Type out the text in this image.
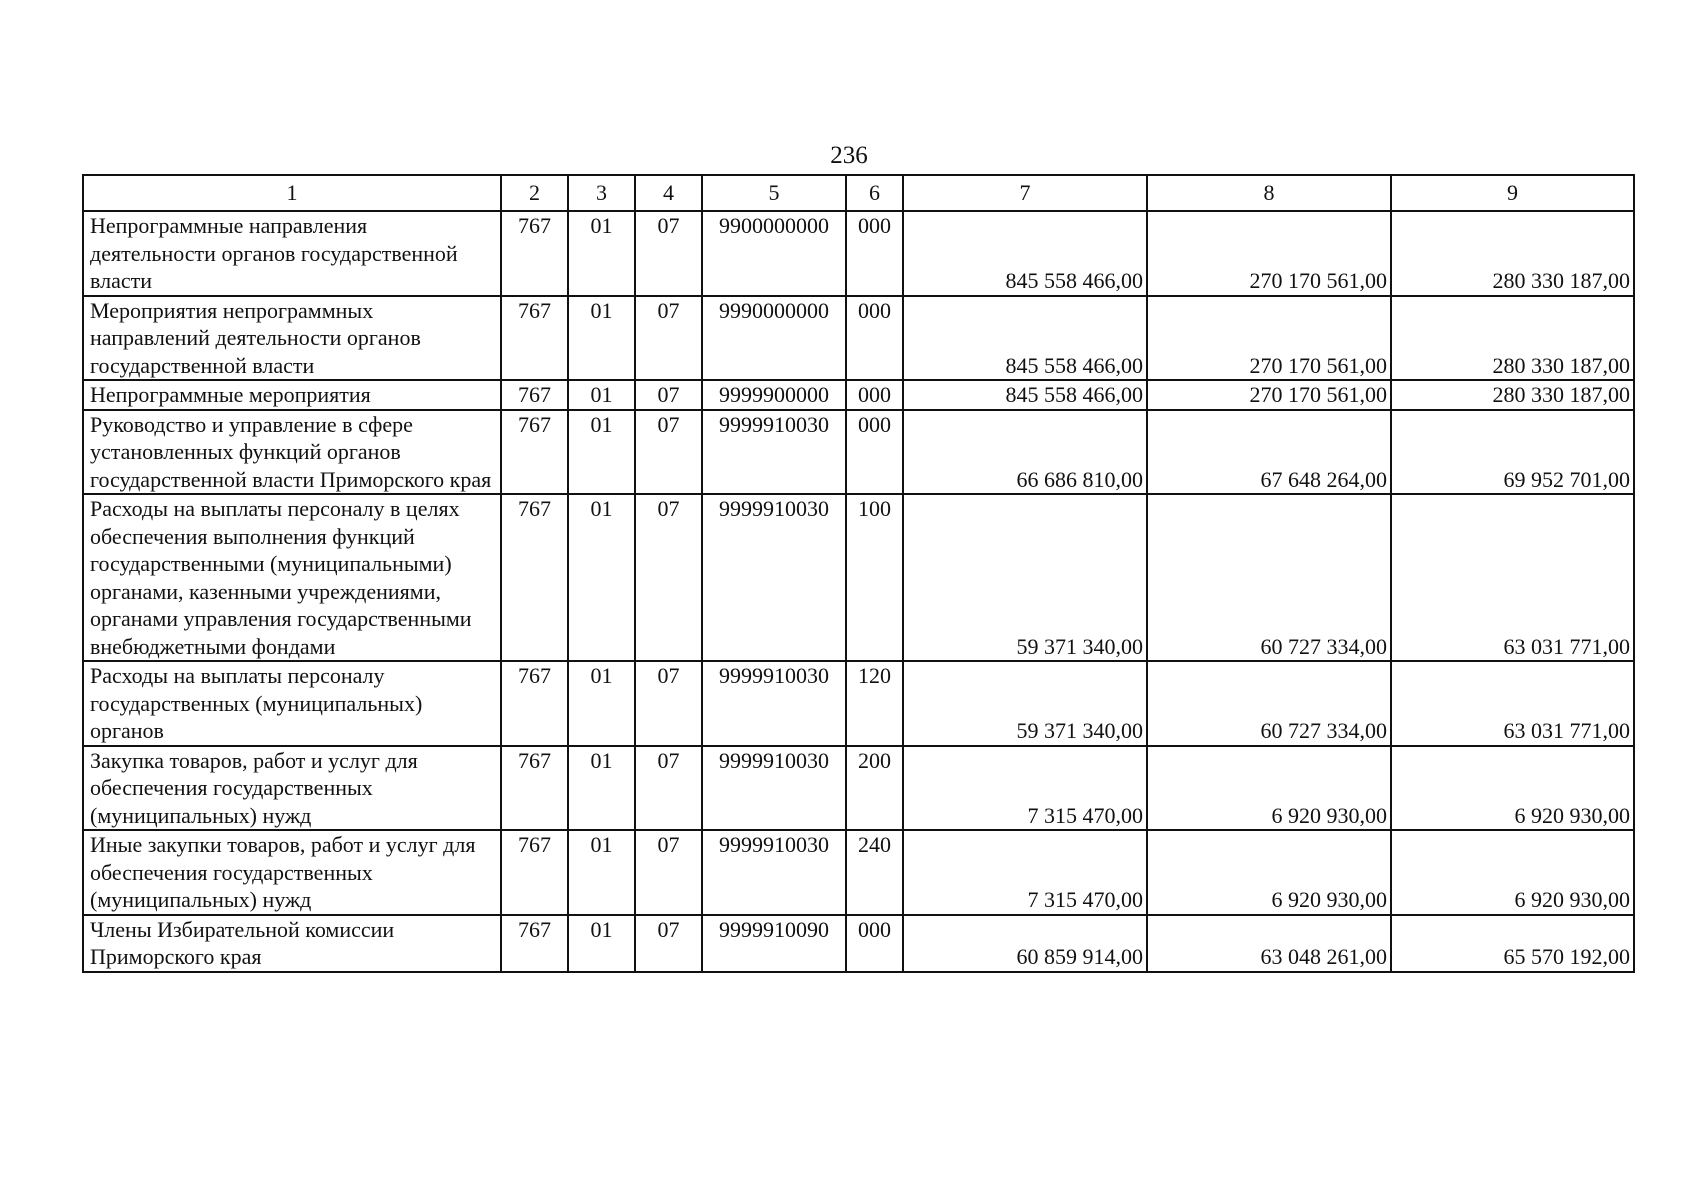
236
1	2	3	4	5	6	7	8	9
Непрограммные направления деятельности органов государственной власти	767	01	07	9900000000	000	845 558 466,00	270 170 561,00	280 330 187,00
Мероприятия непрограммных направлений деятельности органов государственной власти	767	01	07	9990000000	000	845 558 466,00	270 170 561,00	280 330 187,00
Непрограммные мероприятия	767	01	07	9999900000	000	845 558 466,00	270 170 561,00	280 330 187,00
Руководство и управление в сфере установленных функций органов государственной власти Приморского края	767	01	07	9999910030	000	66 686 810,00	67 648 264,00	69 952 701,00
Расходы на выплаты персоналу в целях обеспечения выполнения функций государственными (муниципальными) органами, казенными учреждениями, органами управления государственными внебюджетными фондами	767	01	07	9999910030	100	59 371 340,00	60 727 334,00	63 031 771,00
Расходы на выплаты персоналу государственных (муниципальных) органов	767	01	07	9999910030	120	59 371 340,00	60 727 334,00	63 031 771,00
Закупка товаров, работ и услуг для обеспечения государственных (муниципальных) нужд	767	01	07	9999910030	200	7 315 470,00	6 920 930,00	6 920 930,00
Иные закупки товаров, работ и услуг для обеспечения государственных (муниципальных) нужд	767	01	07	9999910030	240	7 315 470,00	6 920 930,00	6 920 930,00
Члены Избирательной комиссии Приморского края	767	01	07	9999910090	000	60 859 914,00	63 048 261,00	65 570 192,00
